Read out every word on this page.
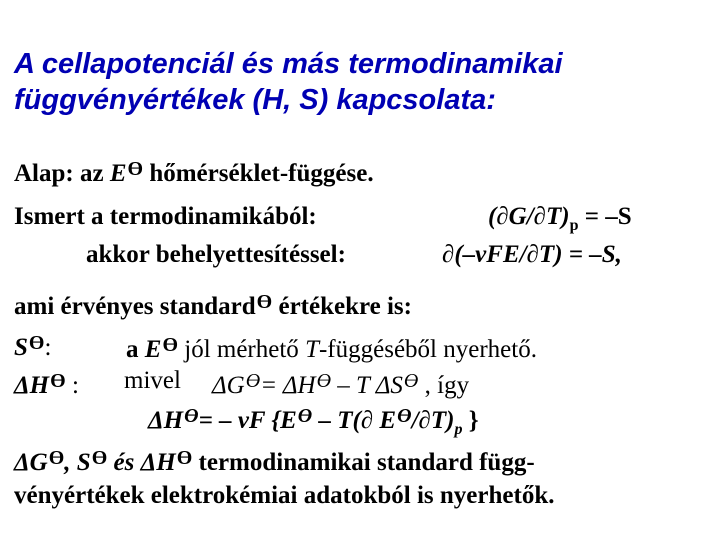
A cellapotenciál és más termodinamikai
függvényértékek (H, S) kapcsolata:
Alap: az $E^ϴ$ hőmérséklet-függése.
Ismert a termodinamikából:	$(\partial G/\partial T)_p = -S$
akkor behelyettesítéssel:	∂(–νFE/∂T) = –S,
ami érvényes standard$^ϴ$ értékekre is:
$S^ϴ$:	a $E^ϴ$ jól mérhető T-függéséből nyerhető.
$\Delta H^ϴ$ : mivel $\Delta G^ϴ= \Delta H^ϴ - T$ $\Delta S^ϴ$ , így
$\Delta H^ϴ= - \nu F$ {$E^ϴ - T(\partial$ $E^ϴ/\partial T)_p$ }
$\Delta G^ϴ$, $S^ϴ$ és $\Delta H^ϴ$ termodinamikai standard függ-
vényértékek elektrokémiai adatokból is nyerhetők.
